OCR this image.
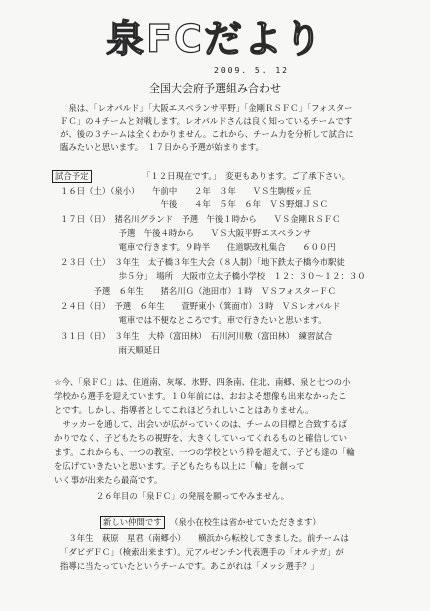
泉FCだより
2009. 5. 12
全国大会府予選組み合わせ
　泉は、「レオパルド」「大阪エスペランサ平野」「金剛ＲＳＦＣ」「フォスター
ＦＣ」の４チームと対戦します。レオパルドさんは良く知っているチームです
が、後の３チームは全くわかりません。これから、チーム力を分析して試合に
臨みたいと思います。　１７日から予選が始まります。
試合予定	「１２日現在です。」　変更もあります。ご了承下さい。
１６日（土）（泉小）　　午前中　　２年　３年　　ＶＳ生駒桜ヶ丘
　　　　　　　　　　　　午後　　４年　５年　６年　ＶＳ野畑ＪＳＣ
１７日（日）　猪名川グランド　予選　午後１時から　　ＶＳ金剛ＲＳＦＣ
　　　　　　　予選　午後４時から　　ＶＳ大阪平野エスペランサ
　　　　　　　電車で行きます。９時半　　住道駅改札集合　　６００円
２３日（土）　３年生　太子橋３年生大会（８人制）「地下鉄太子橋今市駅徒
　　　　　　　歩５分」　場所　大阪市立太子橋小学校　１２：３０～１２：３０
　　　　予選　６年生　　猪名川Ｇ（池田市）１時　ＶＳフォスターＦＣ
２４日（日）　予選　６年生　　萱野東小（箕面市）３時　ＶＳレオパルド
　　　　　　　電車では不便なところです。車で行きたいと思います。
３１日（日）　３年生　大枠（富田林）　石川河川敷（富田林）　練習試合
　　　　　　　雨天順延日
☆今、「泉ＦＣ」は、住道南、灰塚、氷野、四条南、住北、南郷、泉と七つの小
学校から選手を迎えています。１０年前には、おおよそ想像も出来なかったこ
とです。しかし、指導者としてこれほどうれしいことはありません。
　サッカーを通して、出会いが広がっていくのは、チームの目標と合致するば
かりでなく、子どもたちの視野を、大きくしていってくれるものと確信してい
ます。これからも、一つの教室、一つの学校という枠を超えて、子ども達の「輪
を広げていきたいと思います。子どもたちも以上に「輪」を創って
いく事が出来たら最高です。
　　　　　２６年目の「泉ＦＣ」の発展を願ってやみません。
新しい仲間です （泉小在校生は省かせていただきます）
　３年生　萩原　星君（南郷小）　　横浜から転校してきました。前チームは
「ダビデＦＣ」（検索出来ます）。元アルゼンチン代表選手の「オルテガ」が
指導に当たっていたというチームです。あこがれは「メッシ選手？」
